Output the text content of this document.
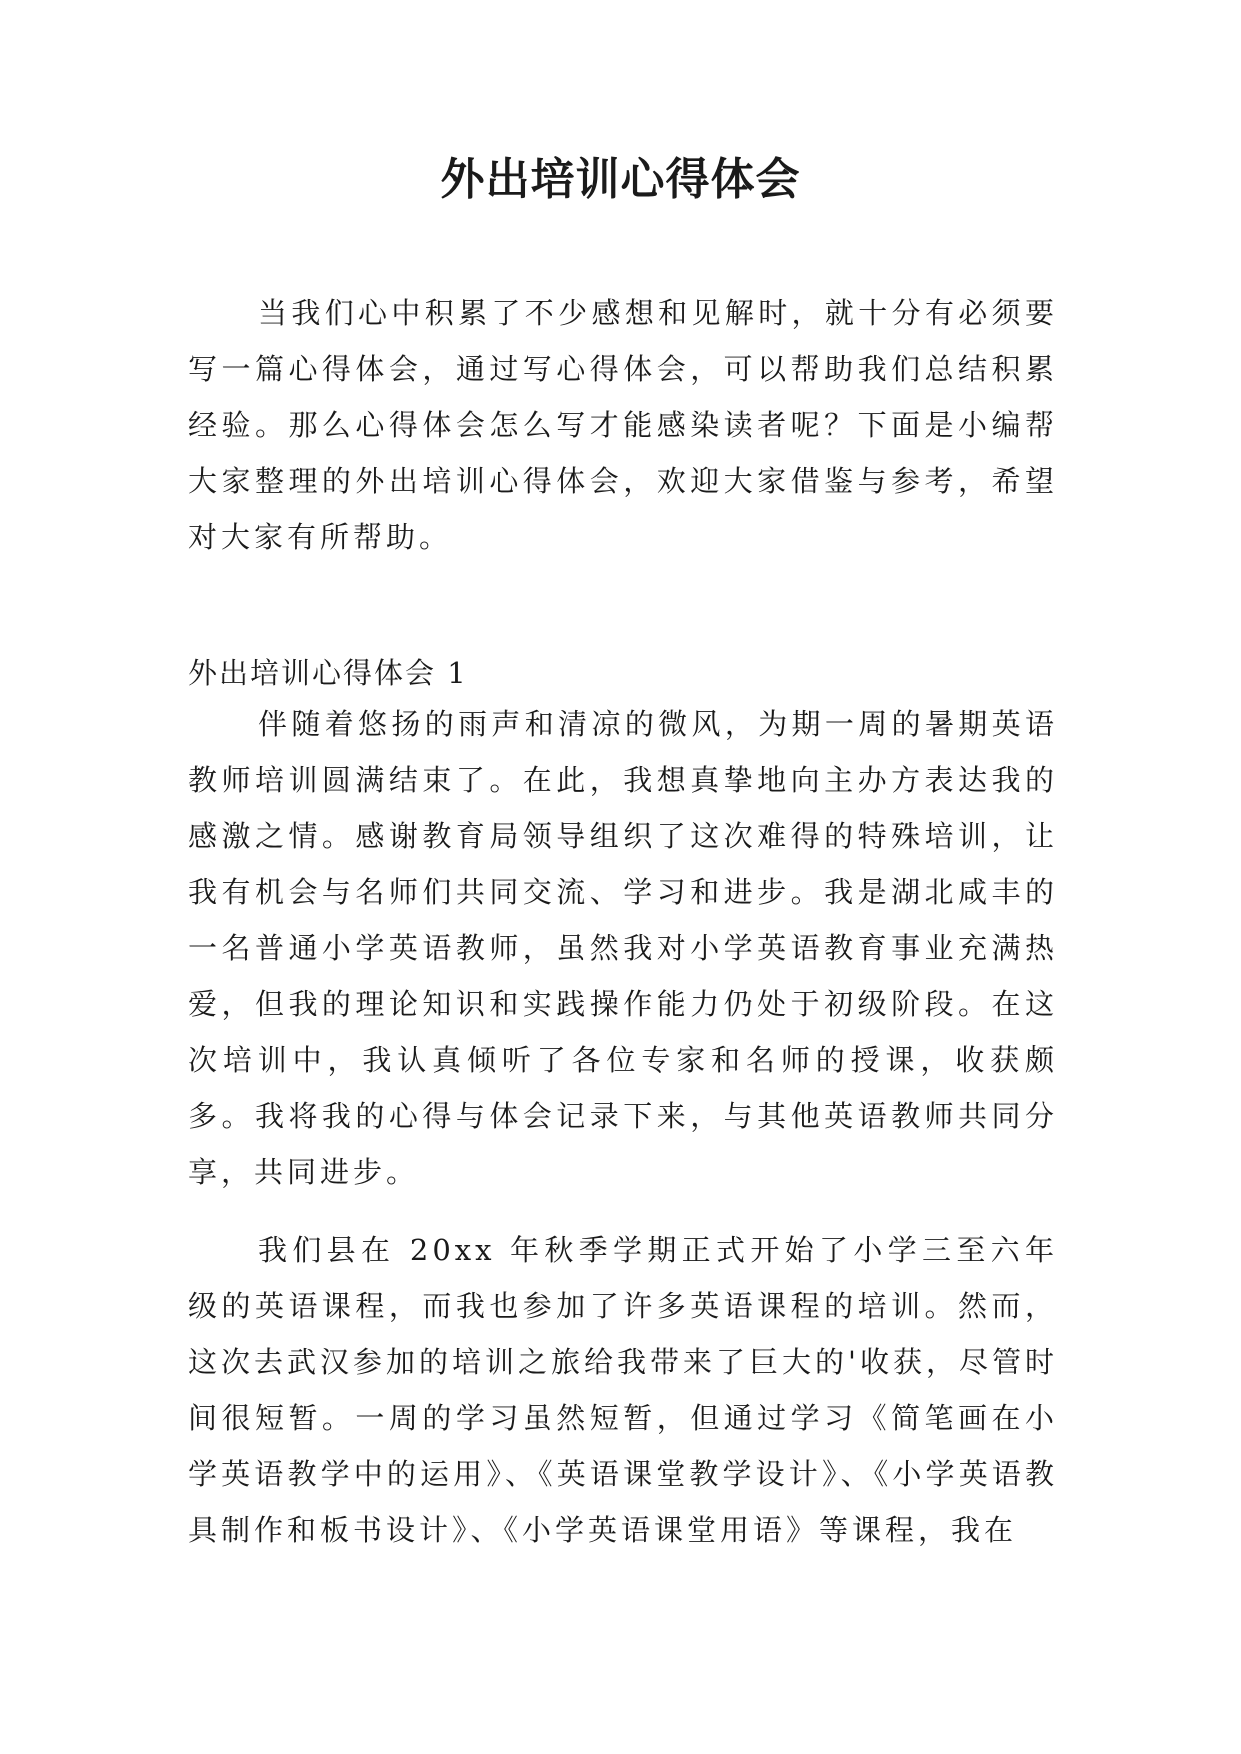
外出培训心得体会

当我们心中积累了不少感想和见解时，就十分有必须要写一篇心得体会，通过写心得体会，可以帮助我们总结积累经验。那么心得体会怎么写才能感染读者呢？下面是小编帮大家整理的外出培训心得体会，欢迎大家借鉴与参考，希望对大家有所帮助。

外出培训心得体会 1

伴随着悠扬的雨声和清凉的微风，为期一周的暑期英语教师培训圆满结束了。在此，我想真挚地向主办方表达我的感激之情。感谢教育局领导组织了这次难得的特殊培训，让我有机会与名师们共同交流、学习和进步。我是湖北咸丰的一名普通小学英语教师，虽然我对小学英语教育事业充满热爱，但我的理论知识和实践操作能力仍处于初级阶段。在这次培训中，我认真倾听了各位专家和名师的授课，收获颇多。我将我的心得与体会记录下来，与其他英语教师共同分享，共同进步。

我们县在 20xx 年秋季学期正式开始了小学三至六年级的英语课程，而我也参加了许多英语课程的培训。然而，这次去武汉参加的培训之旅给我带来了巨大的'收获，尽管时间很短暂。一周的学习虽然短暂，但通过学习《简笔画在小学英语教学中的运用》、《英语课堂教学设计》、《小学英语教具制作和板书设计》、《小学英语课堂用语》等课程，我在
